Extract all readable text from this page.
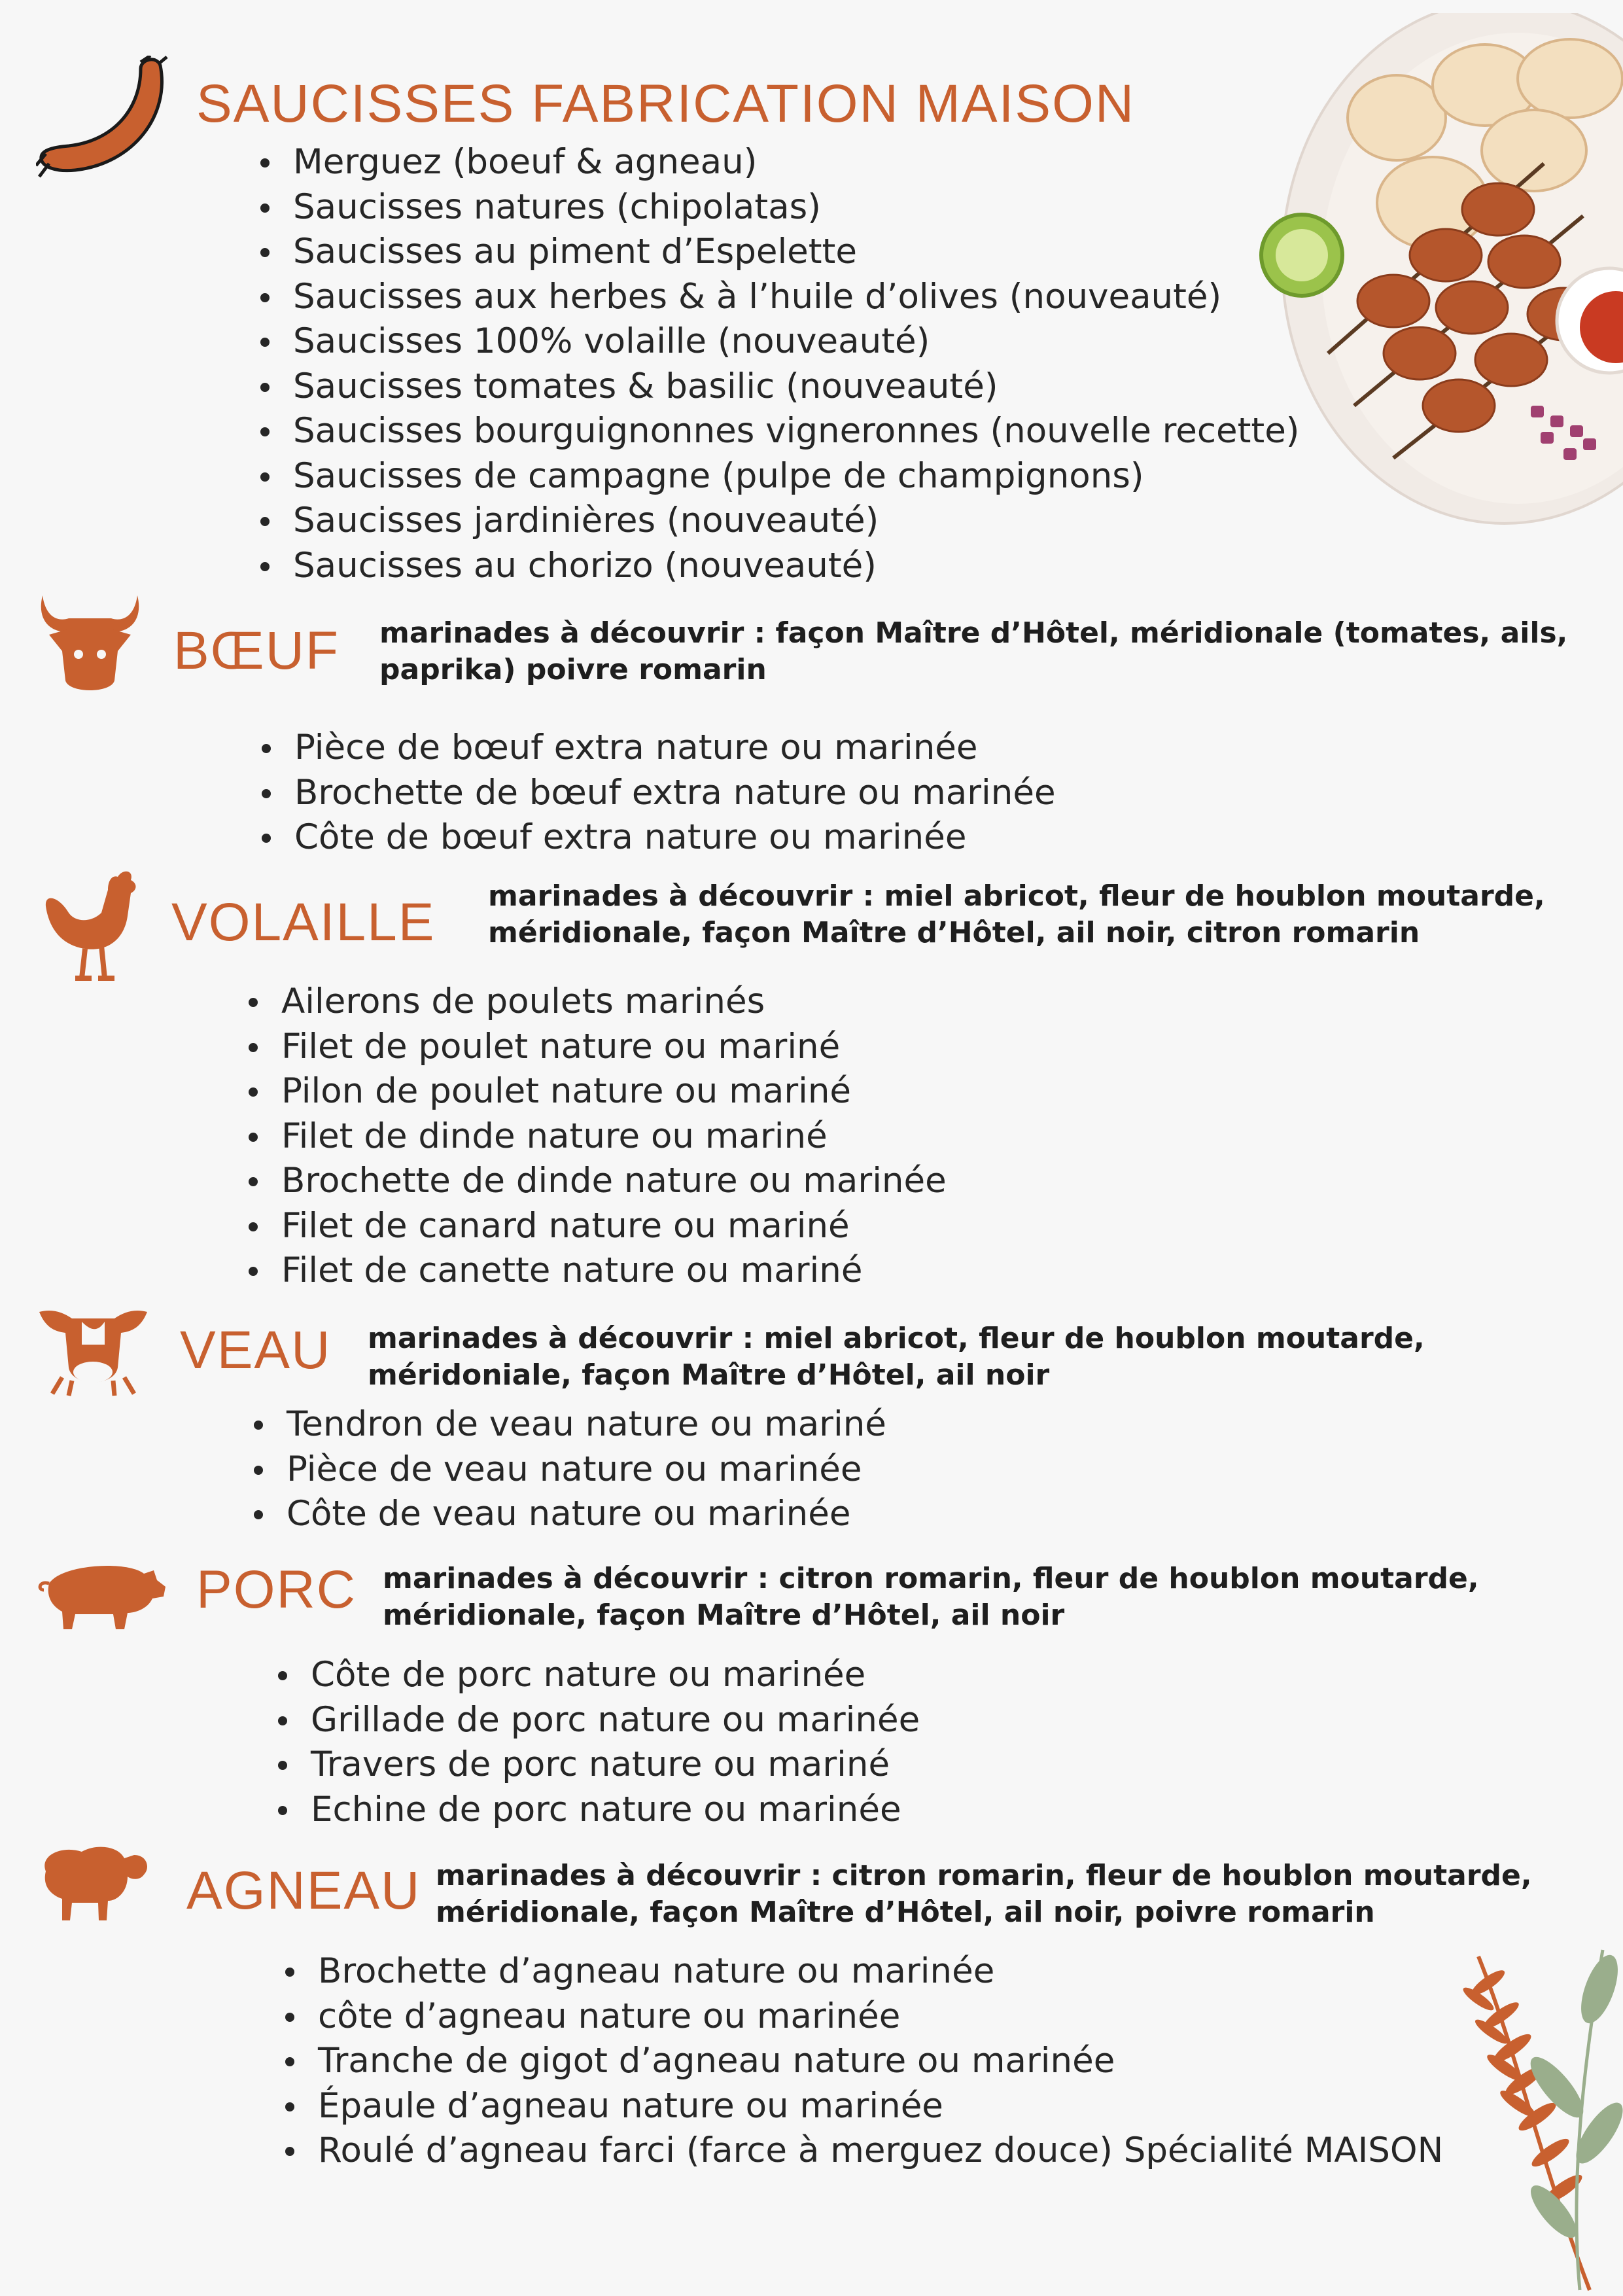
SAUCISSES FABRICATION MAISON
Merguez (boeuf & agneau)
Saucisses natures (chipolatas)
Saucisses au piment d’Espelette
Saucisses aux herbes & à l’huile d’olives (nouveauté)
Saucisses 100% volaille (nouveauté)
Saucisses tomates & basilic (nouveauté)
Saucisses bourguignonnes vigneronnes (nouvelle recette)
Saucisses de campagne (pulpe de champignons)
Saucisses jardinières (nouveauté)
Saucisses au chorizo (nouveauté)
BŒUF marinades à découvrir : façon Maître d’Hôtel, méridionale (tomates, ails, paprika) poivre romarin
Pièce de bœuf extra nature ou marinée
Brochette de bœuf extra nature ou marinée
Côte de bœuf extra nature ou marinée
VOLAILLE marinades à découvrir : miel abricot, fleur de houblon moutarde, méridionale, façon Maître d’Hôtel, ail noir, citron romarin
Ailerons de poulets marinés
Filet de poulet nature ou mariné
Pilon de poulet nature ou mariné
Filet de dinde nature ou mariné
Brochette de dinde nature ou marinée
Filet de canard nature ou mariné
Filet de canette nature ou mariné
VEAU marinades à découvrir : miel abricot, fleur de houblon moutarde, méridoniale, façon Maître d’Hôtel, ail noir
Tendron de veau nature ou mariné
Pièce de veau nature ou marinée
Côte de veau nature ou marinée
PORC marinades à découvrir : citron romarin, fleur de houblon moutarde, méridionale, façon Maître d’Hôtel, ail noir
Côte de porc nature ou marinée
Grillade de porc nature ou marinée
Travers de porc nature ou mariné
Echine de porc nature ou marinée
AGNEAU marinades à découvrir : citron romarin, fleur de houblon moutarde, méridionale, façon Maître d’Hôtel, ail noir, poivre romarin
Brochette d’agneau nature ou marinée
côte d’agneau nature ou marinée
Tranche de gigot d’agneau nature ou marinée
Épaule d’agneau nature ou marinée
Roulé d’agneau farci (farce à merguez douce) Spécialité MAISON
